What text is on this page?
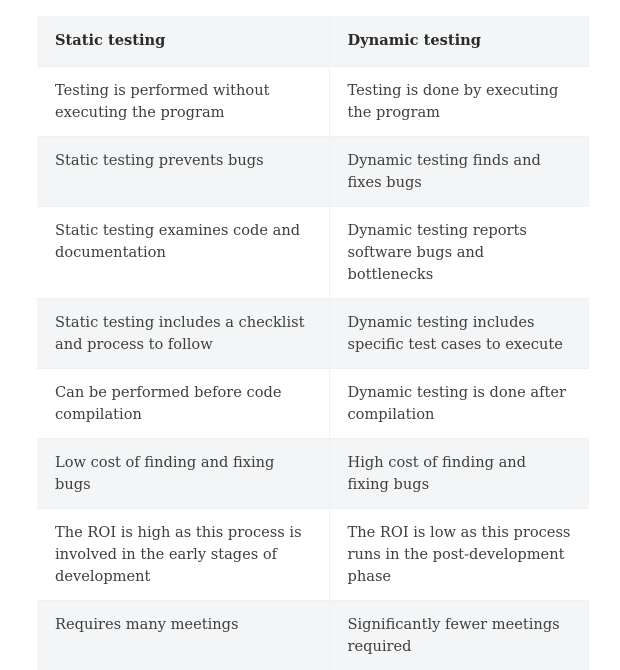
Static testing	Dynamic testing
Testing is performed without executing the program	Testing is done by executing the program
Static testing prevents bugs	Dynamic testing finds and fixes bugs
Static testing examines code and documentation	Dynamic testing reports software bugs and bottlenecks
Static testing includes a checklist and process to follow	Dynamic testing includes specific test cases to execute
Can be performed before code compilation	Dynamic testing is done after compilation
Low cost of finding and fixing bugs	High cost of finding and fixing bugs
The ROI is high as this process is involved in the early stages of development	The ROI is low as this process runs in the post-development phase
Requires many meetings	Significantly fewer meetings required
